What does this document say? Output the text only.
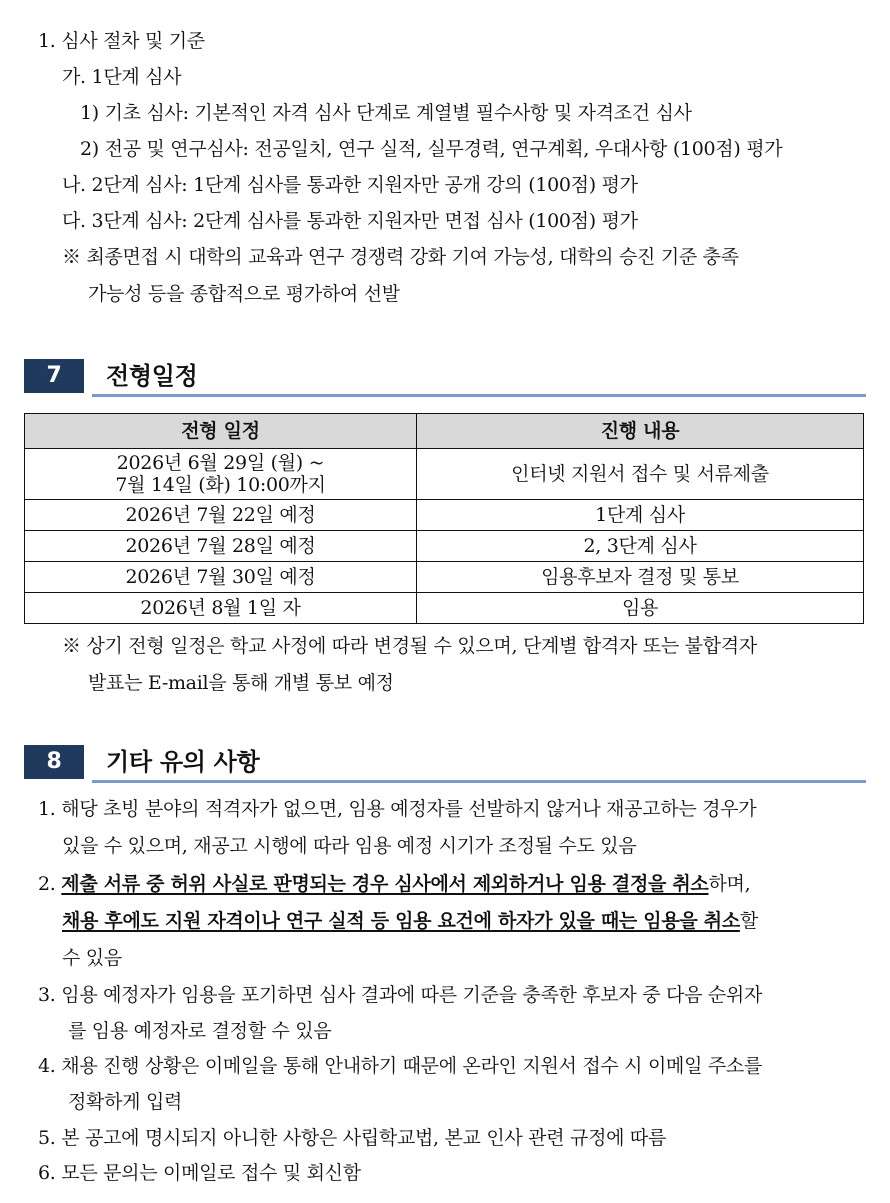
1. 심사 절차 및 기준
가. 1단계 심사
1) 기초 심사: 기본적인 자격 심사 단계로 계열별 필수사항 및 자격조건 심사
2) 전공 및 연구심사: 전공일치, 연구 실적, 실무경력, 연구계획, 우대사항 (100점) 평가
나. 2단계 심사: 1단계 심사를 통과한 지원자만 공개 강의 (100점) 평가
다. 3단계 심사: 2단계 심사를 통과한 지원자만 면접 심사 (100점) 평가
※ 최종면접 시 대학의 교육과 연구 경쟁력 강화 기여 가능성, 대학의 승진 기준 충족
가능성 등을 종합적으로 평가하여 선발
7	전형일정
전형 일정	진행 내용

2026년 6월 29일 (월) ~
7월 14일 (화) 10:00까지	인터넷 지원서 접수 및 서류제출
2026년 7월 22일 예정	1단계 심사
2026년 7월 28일 예정	2, 3단계 심사
2026년 7월 30일 예정	임용후보자 결정 및 통보
2026년 8월 1일 자	임용
※ 상기 전형 일정은 학교 사정에 따라 변경될 수 있으며, 단계별 합격자 또는 불합격자
발표는 E-mail을 통해 개별 통보 예정
8	기타 유의 사항
1. 해당 초빙 분야의 적격자가 없으면, 임용 예정자를 선발하지 않거나 재공고하는 경우가
있을 수 있으며, 재공고 시행에 따라 임용 예정 시기가 조정될 수도 있음
2. 제출 서류 중 허위 사실로 판명되는 경우 심사에서 제외하거나 임용 결정을 취소하며,
채용 후에도 지원 자격이나 연구 실적 등 임용 요건에 하자가 있을 때는 임용을 취소할
수 있음
3. 임용 예정자가 임용을 포기하면 심사 결과에 따른 기준을 충족한 후보자 중 다음 순위자
를 임용 예정자로 결정할 수 있음
4. 채용 진행 상황은 이메일을 통해 안내하기 때문에 온라인 지원서 접수 시 이메일 주소를
정확하게 입력
5. 본 공고에 명시되지 아니한 사항은 사립학교법, 본교 인사 관련 규정에 따름
6. 모든 문의는 이메일로 접수 및 회신함
